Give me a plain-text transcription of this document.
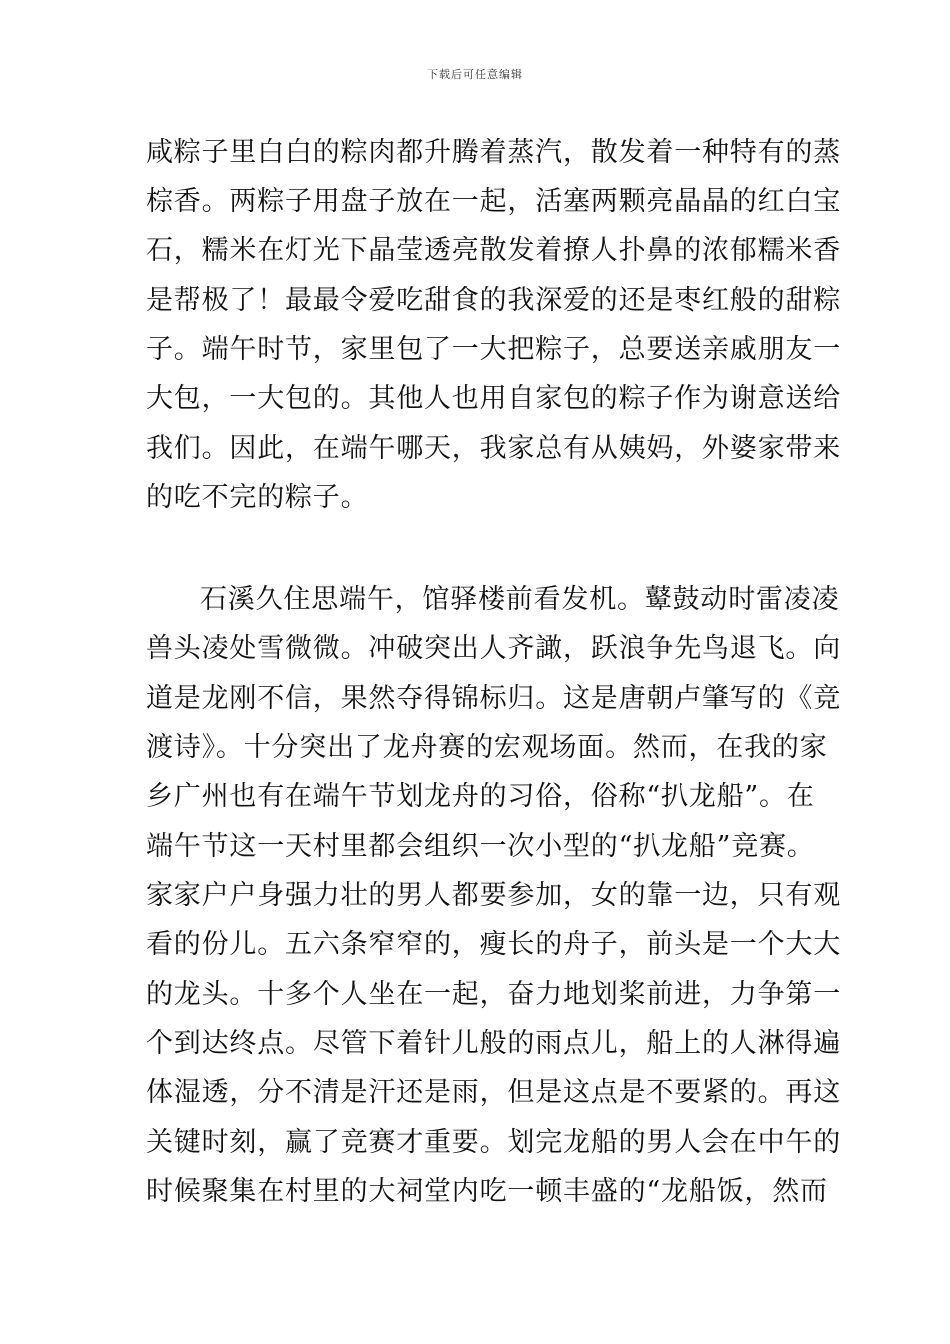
下载后可任意编辑
咸粽子里白白的粽肉都升腾着蒸汽，散发着一种特有的蒸
棕香。两粽子用盘子放在一起，活塞两颗亮晶晶的红白宝
石，糯米在灯光下晶莹透亮散发着撩人扑鼻的浓郁糯米香
是帮极了！最最令爱吃甜食的我深爱的还是枣红般的甜粽
子。端午时节，家里包了一大把粽子，总要送亲戚朋友一
大包，一大包的。其他人也用自家包的粽子作为谢意送给
我们。因此，在端午哪天，我家总有从姨妈，外婆家带来
的吃不完的粽子。
石溪久住思端午，馆驿楼前看发机。鼙鼓动时雷凌凌
兽头凌处雪微微。冲破突出人齐譀，跃浪争先鸟退飞。向
道是龙刚不信，果然夺得锦标归。这是唐朝卢肇写的《竞
渡诗》。十分突出了龙舟赛的宏观场面。然而，在我的家
乡广州也有在端午节划龙舟的习俗，俗称“扒龙船”。在
端午节这一天村里都会组织一次小型的“扒龙船”竞赛。
家家户户身强力壮的男人都要参加，女的靠一边，只有观
看的份儿。五六条窄窄的，瘦长的舟子，前头是一个大大
的龙头。十多个人坐在一起，奋力地划桨前进，力争第一
个到达终点。尽管下着针儿般的雨点儿，船上的人淋得遍
体湿透，分不清是汗还是雨，但是这点是不要紧的。再这
关键时刻，赢了竞赛才重要。划完龙船的男人会在中午的
时候聚集在村里的大祠堂内吃一顿丰盛的“龙船饭，然而
